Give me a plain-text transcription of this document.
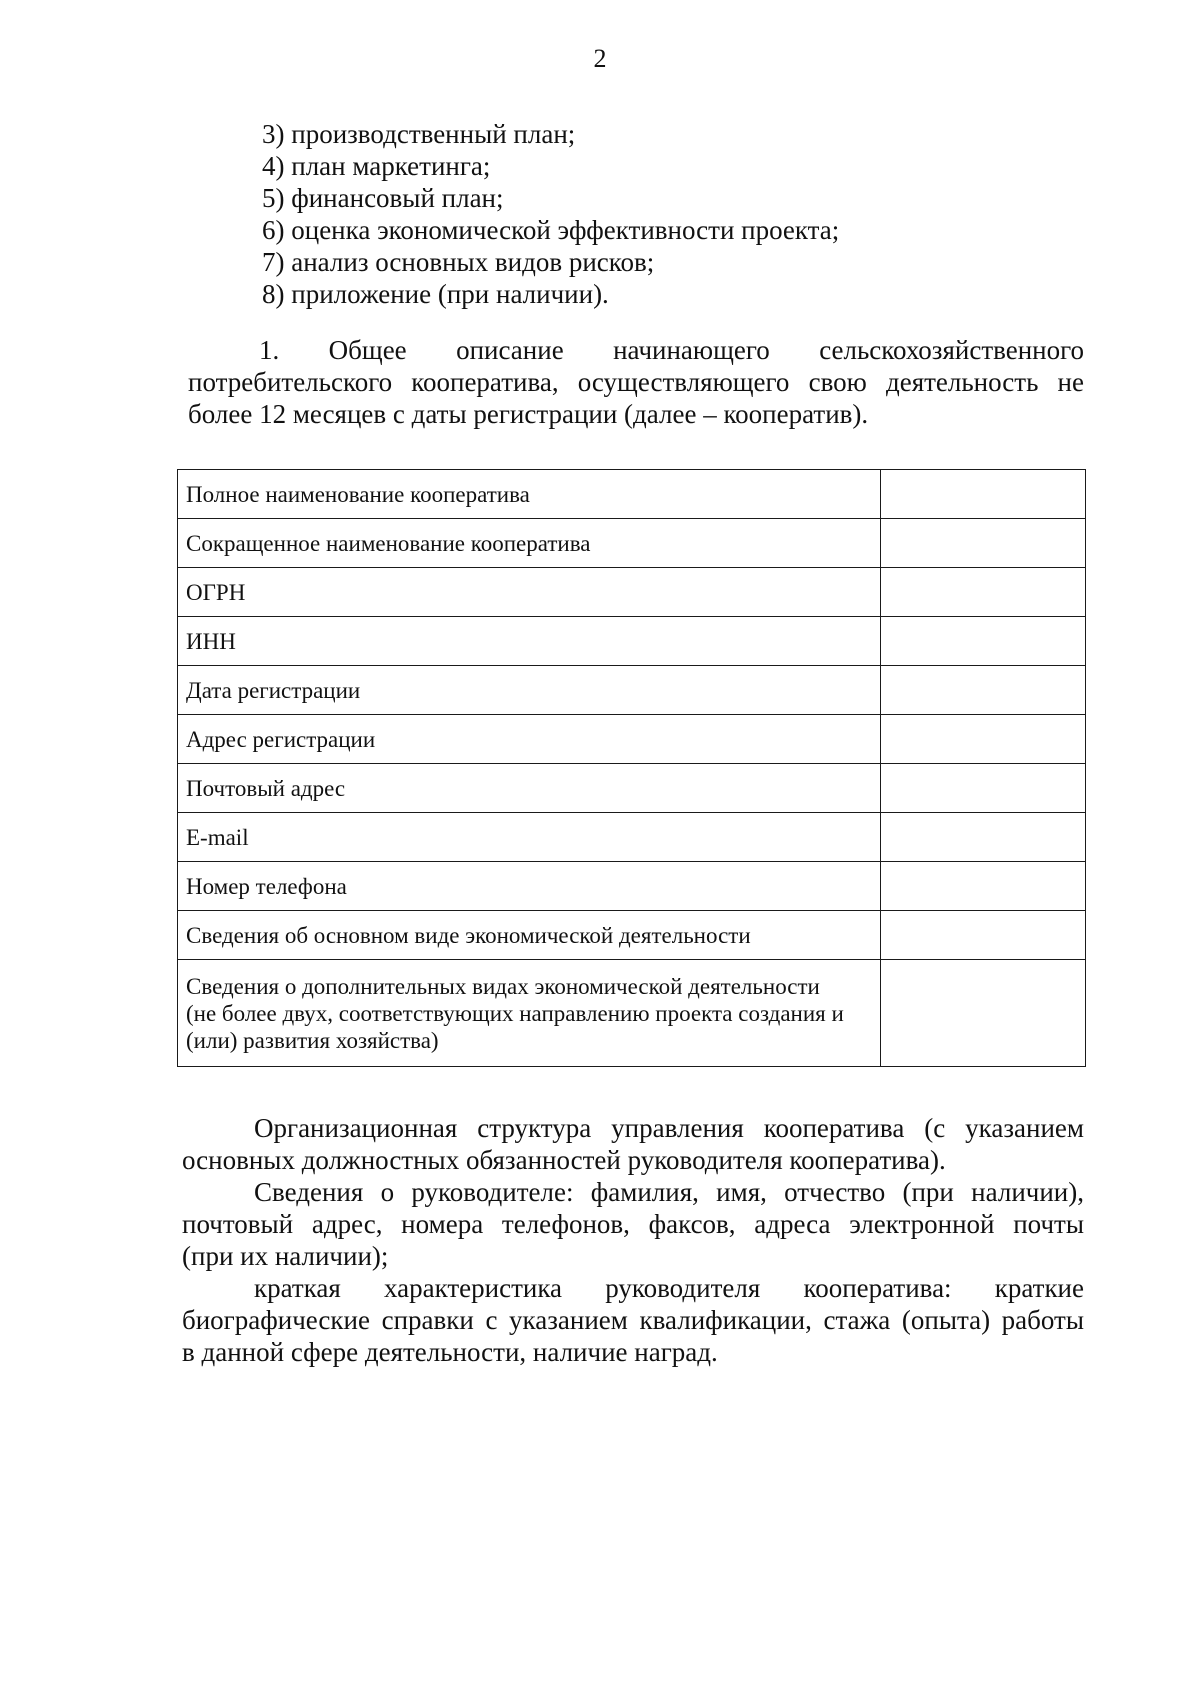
2
3) производственный план;
4) план маркетинга;
5) финансовый план;
6) оценка экономической эффективности проекта;
7) анализ основных видов рисков;
8) приложение (при наличии).
1. Общее описание начинающего сельскохозяйственного
потребительского кооператива, осуществляющего свою деятельность не
более 12 месяцев с даты регистрации (далее – кооператив).
Полное наименование кооператива	
Сокращенное наименование кооператива	
ОГРН	
ИНН	
Дата регистрации	
Адрес регистрации	
Почтовый адрес	
E-mail	
Номер телефона	
Сведения об основном виде экономической деятельности	

Сведения о дополнительных видах экономической деятельности
(не более двух, соответствующих направлению проекта создания и
(или) развития хозяйства)	

Организационная структура управления кооператива (с указанием
основных должностных обязанностей руководителя кооператива).
Сведения о руководителе: фамилия, имя, отчество (при наличии),
почтовый адрес, номера телефонов, факсов, адреса электронной почты
(при их наличии);
краткая характеристика руководителя кооператива: краткие
биографические справки с указанием квалификации, стажа (опыта) работы
в данной сфере деятельности, наличие наград.
